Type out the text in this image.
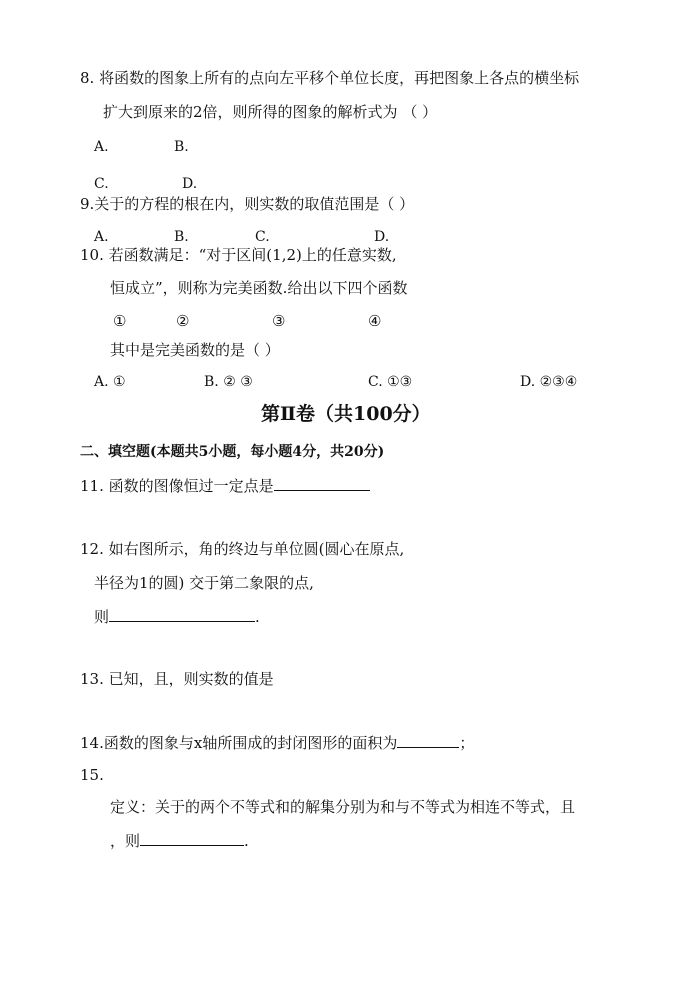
8. 将函数的图象上所有的点向左平移个单位长度，再把图象上各点的横坐标
扩大到原来的2倍，则所得的图象的解析式为 （ ）
A.	B.
C.	D.
9.关于的方程的根在内，则实数的取值范围是（ ）
A.	B.	C.	D.
10. 若函数满足：“对于区间(1,2)上的任意实数,
恒成立”，则称为完美函数.给出以下四个函数
①	②	③	④
其中是完美函数的是（ ）
A. ①	B. ② ③	C. ①③	D. ②③④
第Ⅱ卷（共100分）
二、填空题(本题共5小题，每小题4分，共20分)
11. 函数的图像恒过一定点是
12. 如右图所示，角的终边与单位圆(圆心在原点,
半径为1的圆) 交于第二象限的点,
则	.
13. 已知，且，则实数的值是
14.函数的图象与x轴所围成的封闭图形的面积为	；
15.
定义：关于的两个不等式和的解集分别为和与不等式为相连不等式，且
，则	.
